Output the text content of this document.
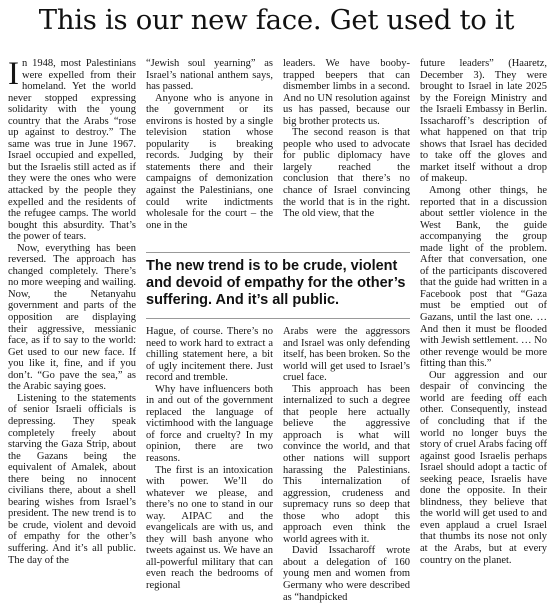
This is our new face. Get used to it

In 1948, most Palestinians were expelled from their homeland. Yet the world never stopped expressing solidarity with the young country that the Arabs “rose up against to destroy.” The same was true in June 1967. Israel occupied and expelled, but the Israelis still acted as if they were the ones who were attacked by the people they expelled and the residents of the refugee camps. The world bought this absurdity. That’s the power of tears.

Now, everything has been reversed. The approach has changed completely. There’s no more weeping and wailing. Now, the Netanyahu government and parts of the opposition are displaying their aggressive, messianic face, as if to say to the world: Get used to our new face. If you like it, fine, and if you don’t. “Go pave the sea,” as the Arabic saying goes.

Listening to the statements of senior Israeli officials is depressing. They speak completely freely about starving the Gaza Strip, about the Gazans being the equivalent of Amalek, about there being no innocent civilians there, about a shell bearing wishes from Israel’s president. The new trend is to be crude, violent and devoid of empathy for the other’s suffering. And it’s all public. The day of the

“Jewish soul yearning” as Israel’s national anthem says, has passed.

Anyone who is anyone in the government or its environs is hosted by a single television station whose popularity is breaking records. Judging by their statements there and their campaigns of demonization against the Palestinians, one could write indictments wholesale for the court – the one in the

leaders. We have booby-trapped beepers that can dismember limbs in a second. And no UN resolution against us has passed, because our big brother protects us.

The second reason is that people who used to advocate for public diplomacy have largely reached the conclusion that there’s no chance of Israel convincing the world that is in the right. The old view, that the

The new trend is to be crude, violent and devoid of empathy for the other’s suffering. And it’s all public.

Hague, of course. There’s no need to work hard to extract a chilling statement here, a bit of ugly incitement there. Just record and tremble.

Why have influencers both in and out of the government replaced the language of victimhood with the language of force and cruelty? In my opinion, there are two reasons.

The first is an intoxication with power. We’ll do whatever we please, and there’s no one to stand in our way. AIPAC and the evangelicals are with us, and they will bash anyone who tweets against us. We have an all-powerful military that can even reach the bedrooms of regional

Arabs were the aggressors and Israel was only defending itself, has been broken. So the world will get used to Israel’s cruel face.

This approach has been internalized to such a degree that people here actually believe the aggressive approach is what will convince the world, and that other nations will support harassing the Palestinians. This internalization of aggression, crudeness and supremacy runs so deep that those who adopt this approach even think the world agrees with it.

David Issacharoff wrote about a delegation of 160 young men and women from Germany who were described as “handpicked

future leaders” (Haaretz, December 3). They were brought to Israel in late 2025 by the Foreign Ministry and the Israeli Embassy in Berlin. Issacharoff’s description of what happened on that trip shows that Israel has decided to take off the gloves and market itself without a drop of makeup.

Among other things, he reported that in a discussion about settler violence in the West Bank, the guide accompanying the group made light of the problem. After that conversation, one of the participants discovered that the guide had written in a Facebook post that “Gaza must be emptied out of Gazans, until the last one. … And then it must be flooded with Jewish settlement. … No other revenge would be more fitting than this.”

Our aggression and our despair of convincing the world are feeding off each other. Consequently, instead of concluding that if the world no longer buys the story of cruel Arabs facing off against good Israelis perhaps Israel should adopt a tactic of seeking peace, Israelis have done the opposite. In their blindness, they believe that the world will get used to and even applaud a cruel Israel that thumbs its nose not only at the Arabs, but at every country on the planet.
